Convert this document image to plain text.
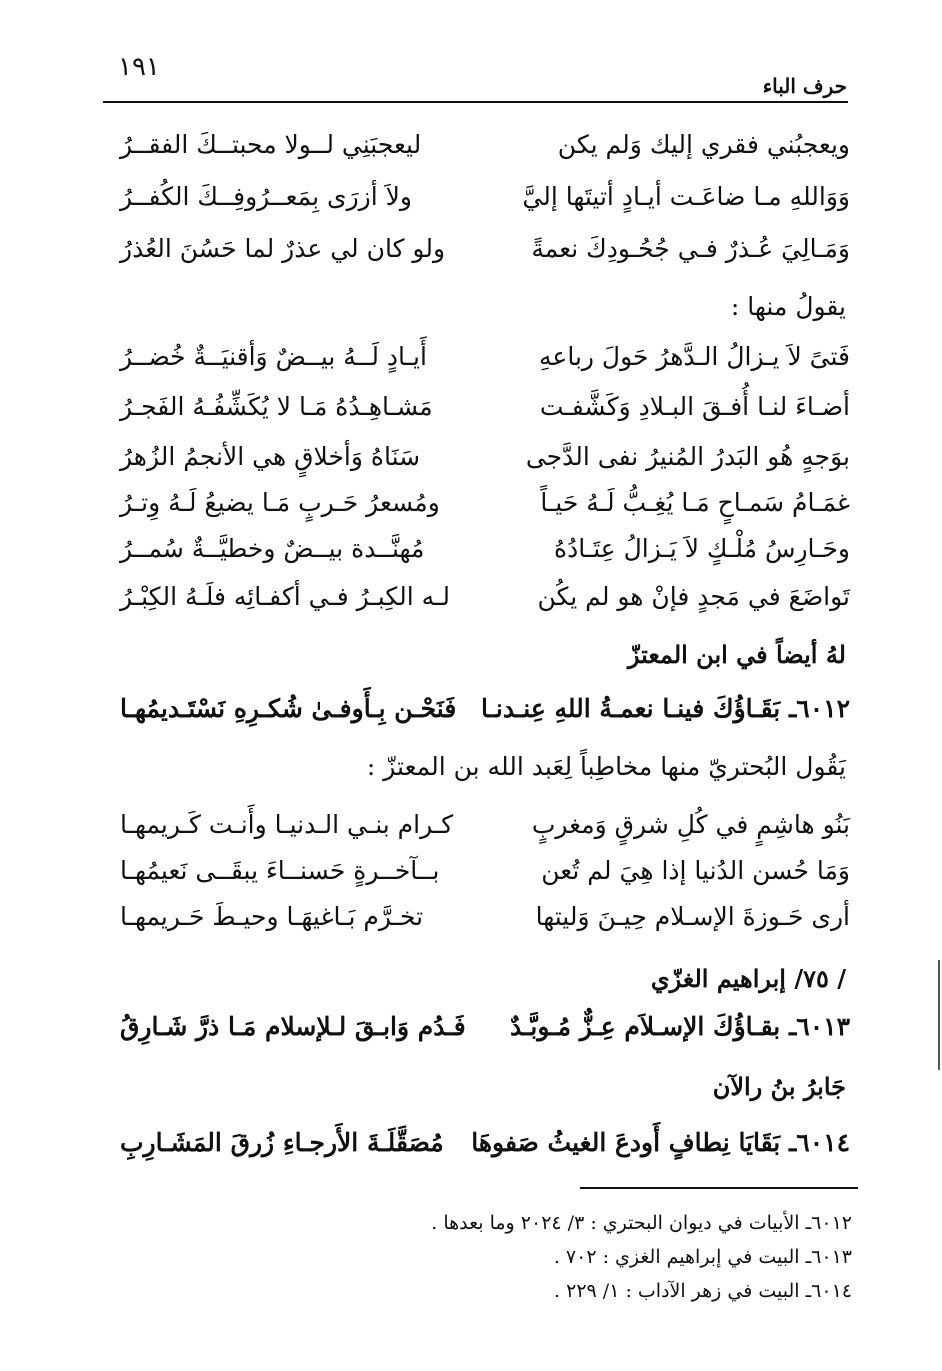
١٩١
حرف الباء
ويعجبُني فقري إليك وَلم يكن
ليعجبَنِي لــولا محبتــكَ الفقــرُ
وَوَاللهِ مـا ضاعَـت أيـادٍ أتيتَها إليَّ
ولاَ أزرَى بِمَعــرُوفِــكَ الكُفــرُ
وَمَـالِيَ عُـذرٌ فـي جُحُـودِكَ نعمةً
ولو كان لي عذرٌ لما حَسُنَ العُذرُ
يقولُ منها :
فَتىً لاَ يـزالُ الـدَّهرُ حَولَ رباعهِ
أَيـادٍ لَــهُ بيــضٌ وَأقنيَــةٌ خُضــرُ
أضـاءَ لنـا أُفـقَ البـلادِ وَكَشَّفـت
مَشـاهِـدُهُ مَـا لا يُكَشِّفُـهُ الفَجـرُ
بوَجهٍ هُو البَدرُ المُنيرُ نفى الدَّجى
سَنَاهُ وَأخلاقٍ هي الأنجمُ الزُهرُ
غمَـامُ سَمـاحٍ مَـا يُغِـبُّ لَـهُ حَيـاً
ومُسعرُ حَـربٍ مَـا يضيعُ لَـهُ وِتـرُ
وحَـارِسُ مُلْـكٍ لاَ يَـزالُ عِتَـادُهُ
مُهنَّــدة بيــضٌ وخطيَّــةٌ سُمــرُ
تَواضَعَ في مَجدٍ فإنْ هو لم يكُن
لـه الكِبـرُ فـي أكفـائِه فلَـهُ الكِبْـرُ
لهُ أيضاً في ابن المعتزّ
٦٠١٢ـ بَقَـاؤُكَ فينـا نعمـةُ اللهِ عِنـدنـا
فَنَحْـن بِـأَوفـىٰ شُكـرِهِ نَسْتَـديمُهـا
يَقُول البُحتريّ منها مخاطِباً لِعَبد الله بن المعتزّ :
بَنُو هاشِمٍ في كُلِ شرقٍ وَمغربٍ
كـرام بنـي الـدنيـا وأَنـت كَـريمهـا
وَمَا حُسن الدُنيا إذا هِيَ لم تُعن
بــآخــرةٍ حَسنــاءَ يبقَــى نَعيمُهـا
أرى حَـوزةَ الإسـلام حِيـنَ وَليتها
تخـرَّم بَـاغيهَـا وحيـطَ حَـريمهـا
/ ٧٥/ إبراهيم الغزّي
٦٠١٣ـ بقـاؤُكَ الإسـلاَم عِـزٌّ مُـوبَّـدٌ
فَـدُم وَابـقَ لـلإسلام مَـا ذرَّ شَـارِقُ
جَابرُ بنُ رالآن
٦٠١٤ـ بَقَايَا نِطافٍ أَودعَ الغيثُ صَفوهَا
مُصَقَّلَـةَ الأَرجـاءِ زُرقَ المَشَـارِبِ
٦٠١٢ـ الأبيات في ديوان البحتري : ٣/ ٢٠٢٤ وما بعدها .
٦٠١٣ـ البيت في إبراهيم الغزي : ٧٠٢ .
٦٠١٤ـ البيت في زهر الآداب : ١/ ٢٢٩ .
